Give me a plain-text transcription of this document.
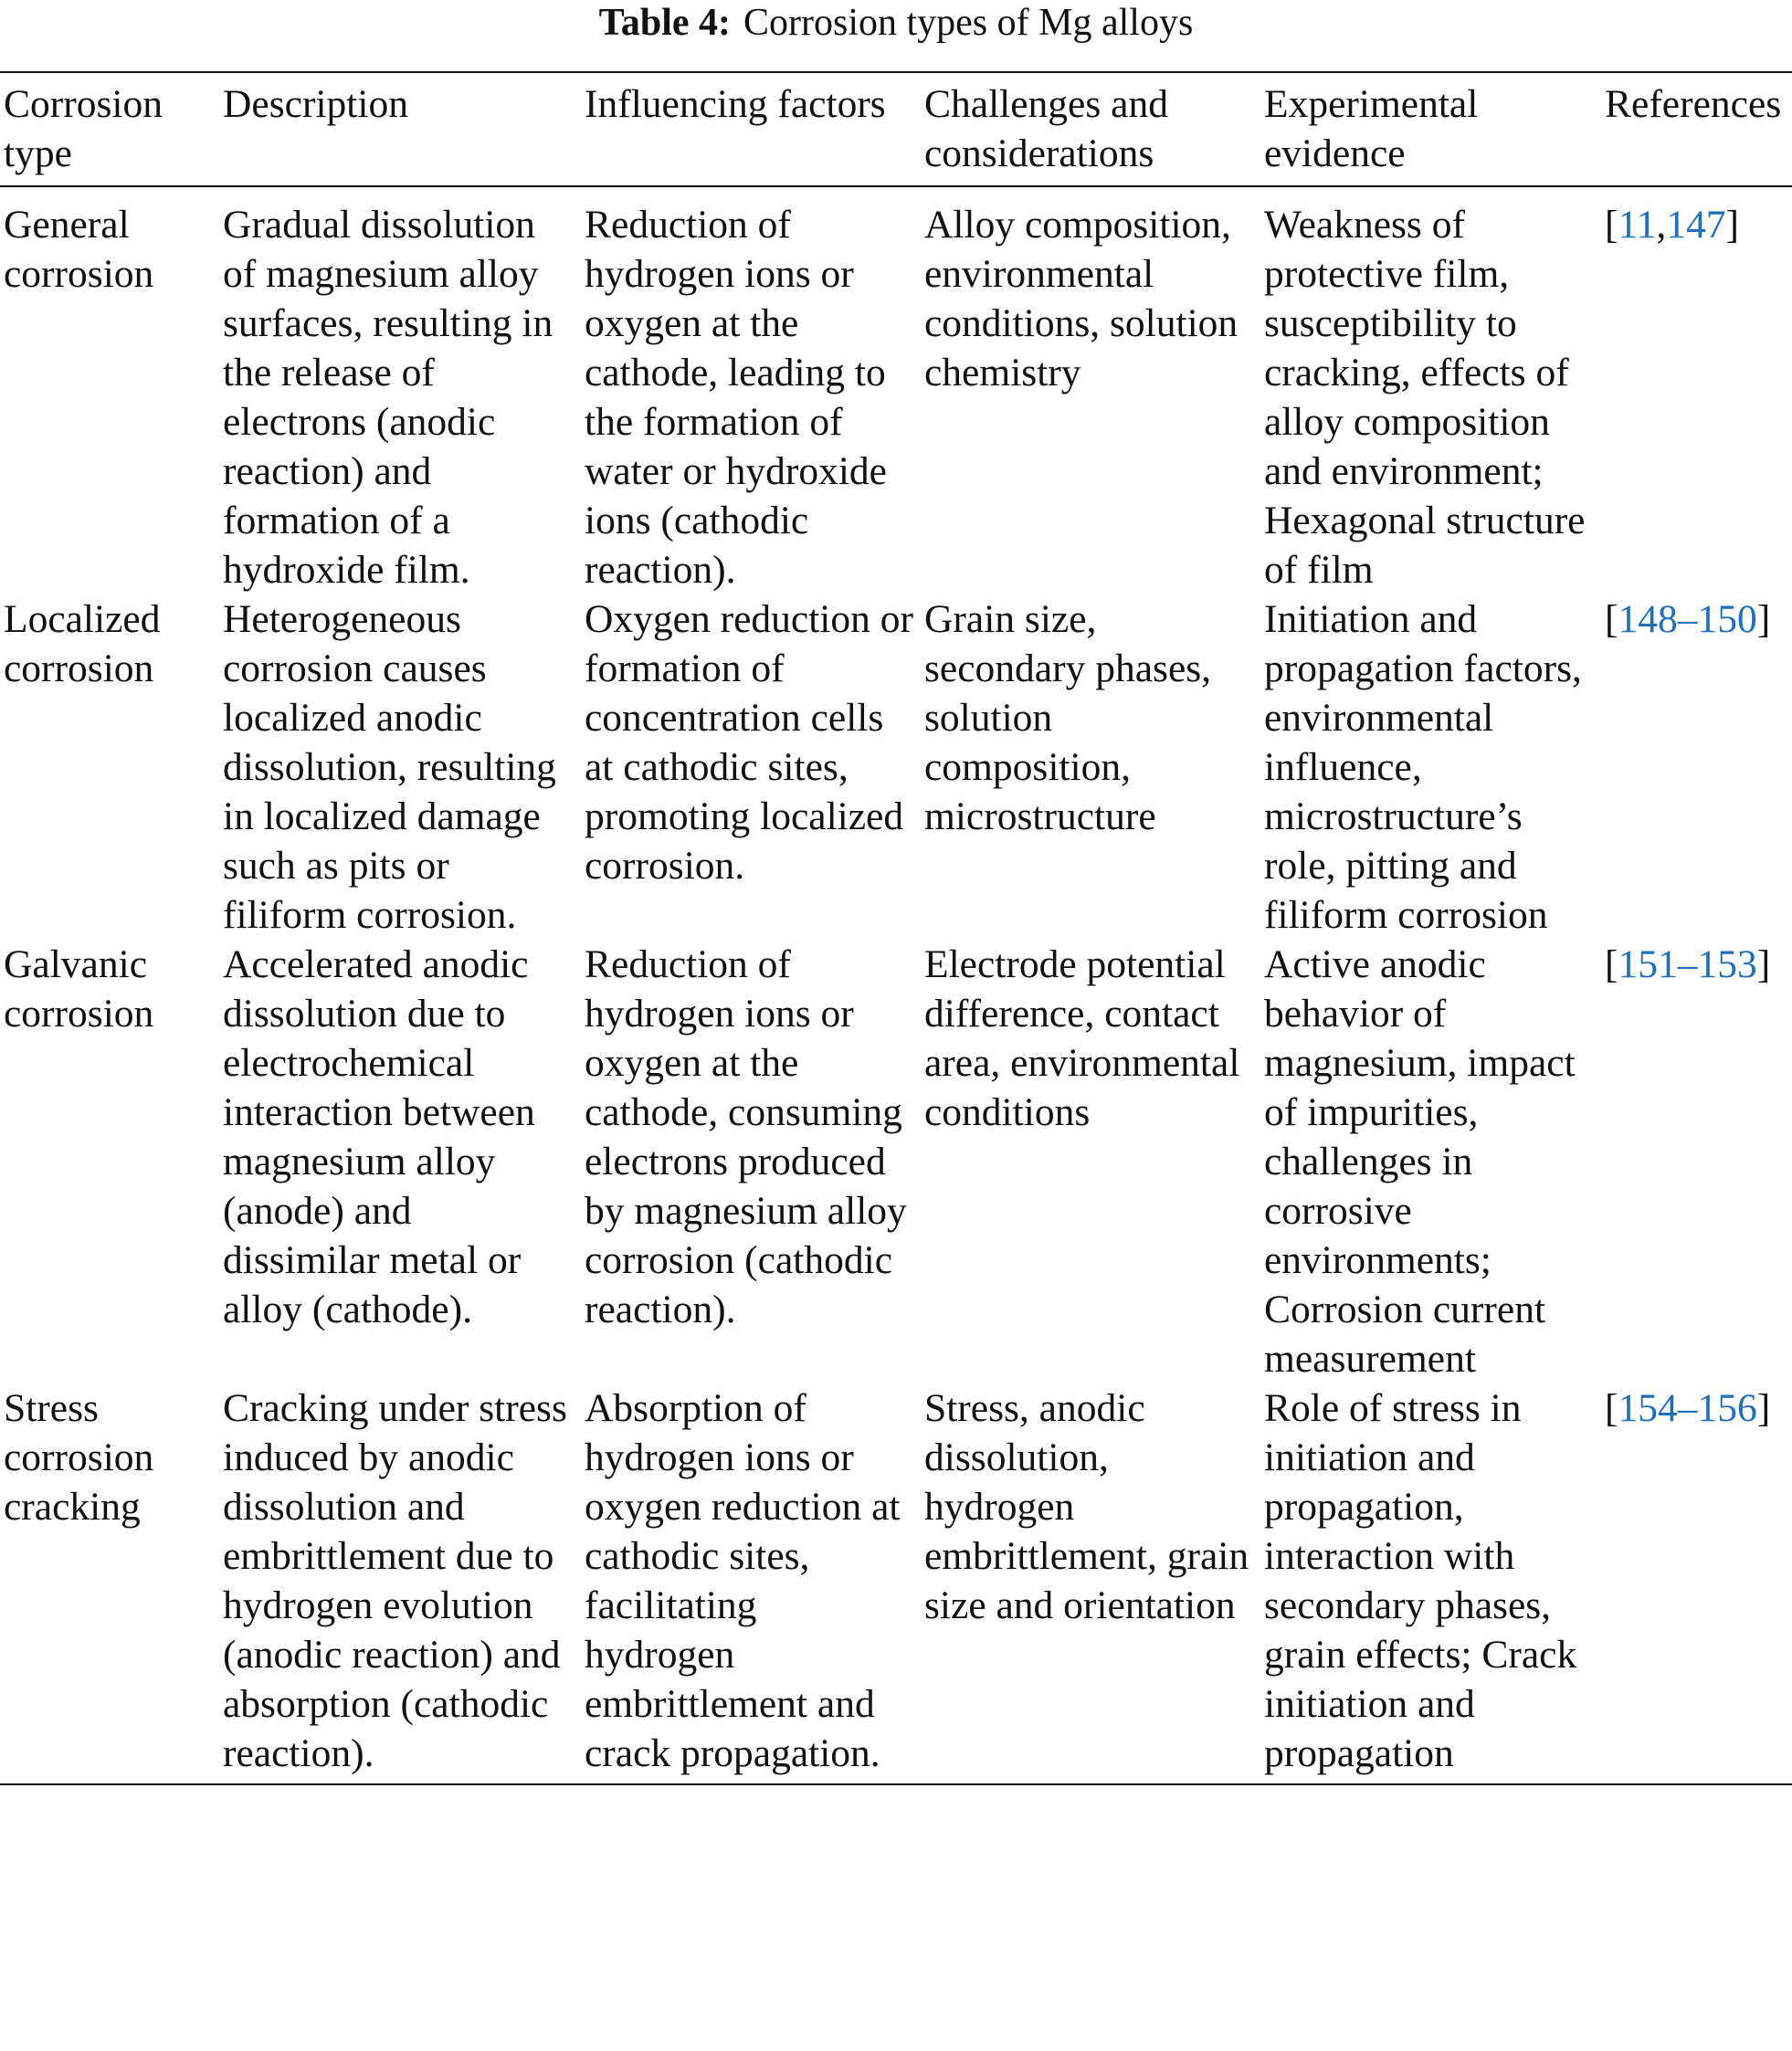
Table 4: Corrosion types of Mg alloys
Corrosion type	Description	Influencing factors	Challenges and considerations	Experimental evidence	References
General corrosion	Gradual dissolution of magnesium alloy surfaces, resulting in the release of electrons (anodic reaction) and formation of a hydroxide film.	Reduction of hydrogen ions or oxygen at the cathode, leading to the formation of water or hydroxide ions (cathodic reaction).	Alloy composition, environmental conditions, solution chemistry	Weakness of protective film, susceptibility to cracking, effects of alloy composition and environment; Hexagonal structure of film	[11,147]
Localized corrosion	Heterogeneous corrosion causes localized anodic dissolution, resulting in localized damage such as pits or filiform corrosion.	Oxygen reduction or formation of concentration cells at cathodic sites, promoting localized corrosion.	Grain size, secondary phases, solution composition, microstructure	Initiation and propagation factors, environmental influence, microstructure’s role, pitting and filiform corrosion	[148–150]
Galvanic corrosion	Accelerated anodic dissolution due to electrochemical interaction between magnesium alloy (anode) and dissimilar metal or alloy (cathode).	Reduction of hydrogen ions or oxygen at the cathode, consuming electrons produced by magnesium alloy corrosion (cathodic reaction).	Electrode potential difference, contact area, environmental conditions	Active anodic behavior of magnesium, impact of impurities, challenges in corrosive environments; Corrosion current measurement	[151–153]
Stress corrosion cracking	Cracking under stress induced by anodic dissolution and embrittlement due to hydrogen evolution (anodic reaction) and absorption (cathodic reaction).	Absorption of hydrogen ions or oxygen reduction at cathodic sites, facilitating hydrogen embrittlement and crack propagation.	Stress, anodic dissolution, hydrogen embrittlement, grain size and orientation	Role of stress in initiation and propagation, interaction with secondary phases, grain effects; Crack initiation and propagation	[154–156]
